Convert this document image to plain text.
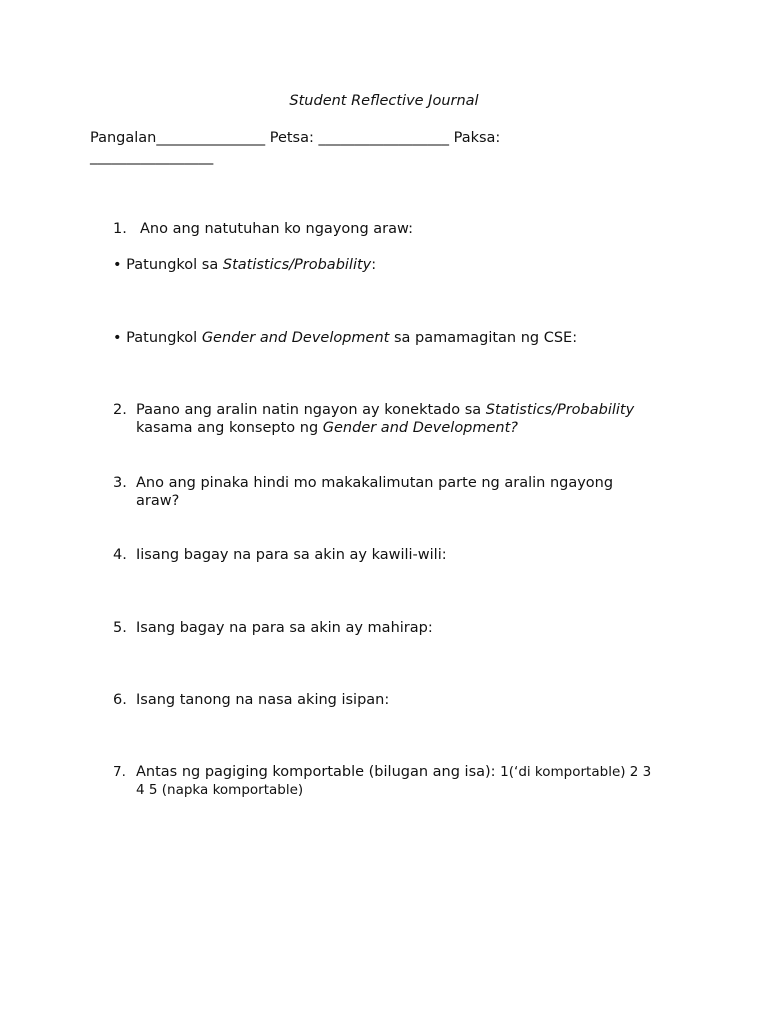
Student Reflective Journal
Pangalan_______________ Petsa: __________________ Paksa:
_________________
1. Ano ang natutuhan ko ngayong araw:
• Patungkol sa Statistics/Probability:
• Patungkol Gender and Development sa pamamagitan ng CSE:
2. Paano ang aralin natin ngayon ay konektado sa Statistics/Probability
kasama ang konsepto ng Gender and Development?
3. Ano ang pinaka hindi mo makakalimutan parte ng aralin ngayong araw?
4. Iisang bagay na para sa akin ay kawili-wili:
5. Isang bagay na para sa akin ay mahirap:
6. Isang tanong na nasa aking isipan:
7. Antas ng pagiging komportable (bilugan ang isa): 1(‘di komportable) 2 3
4 5 (napka komportable)
